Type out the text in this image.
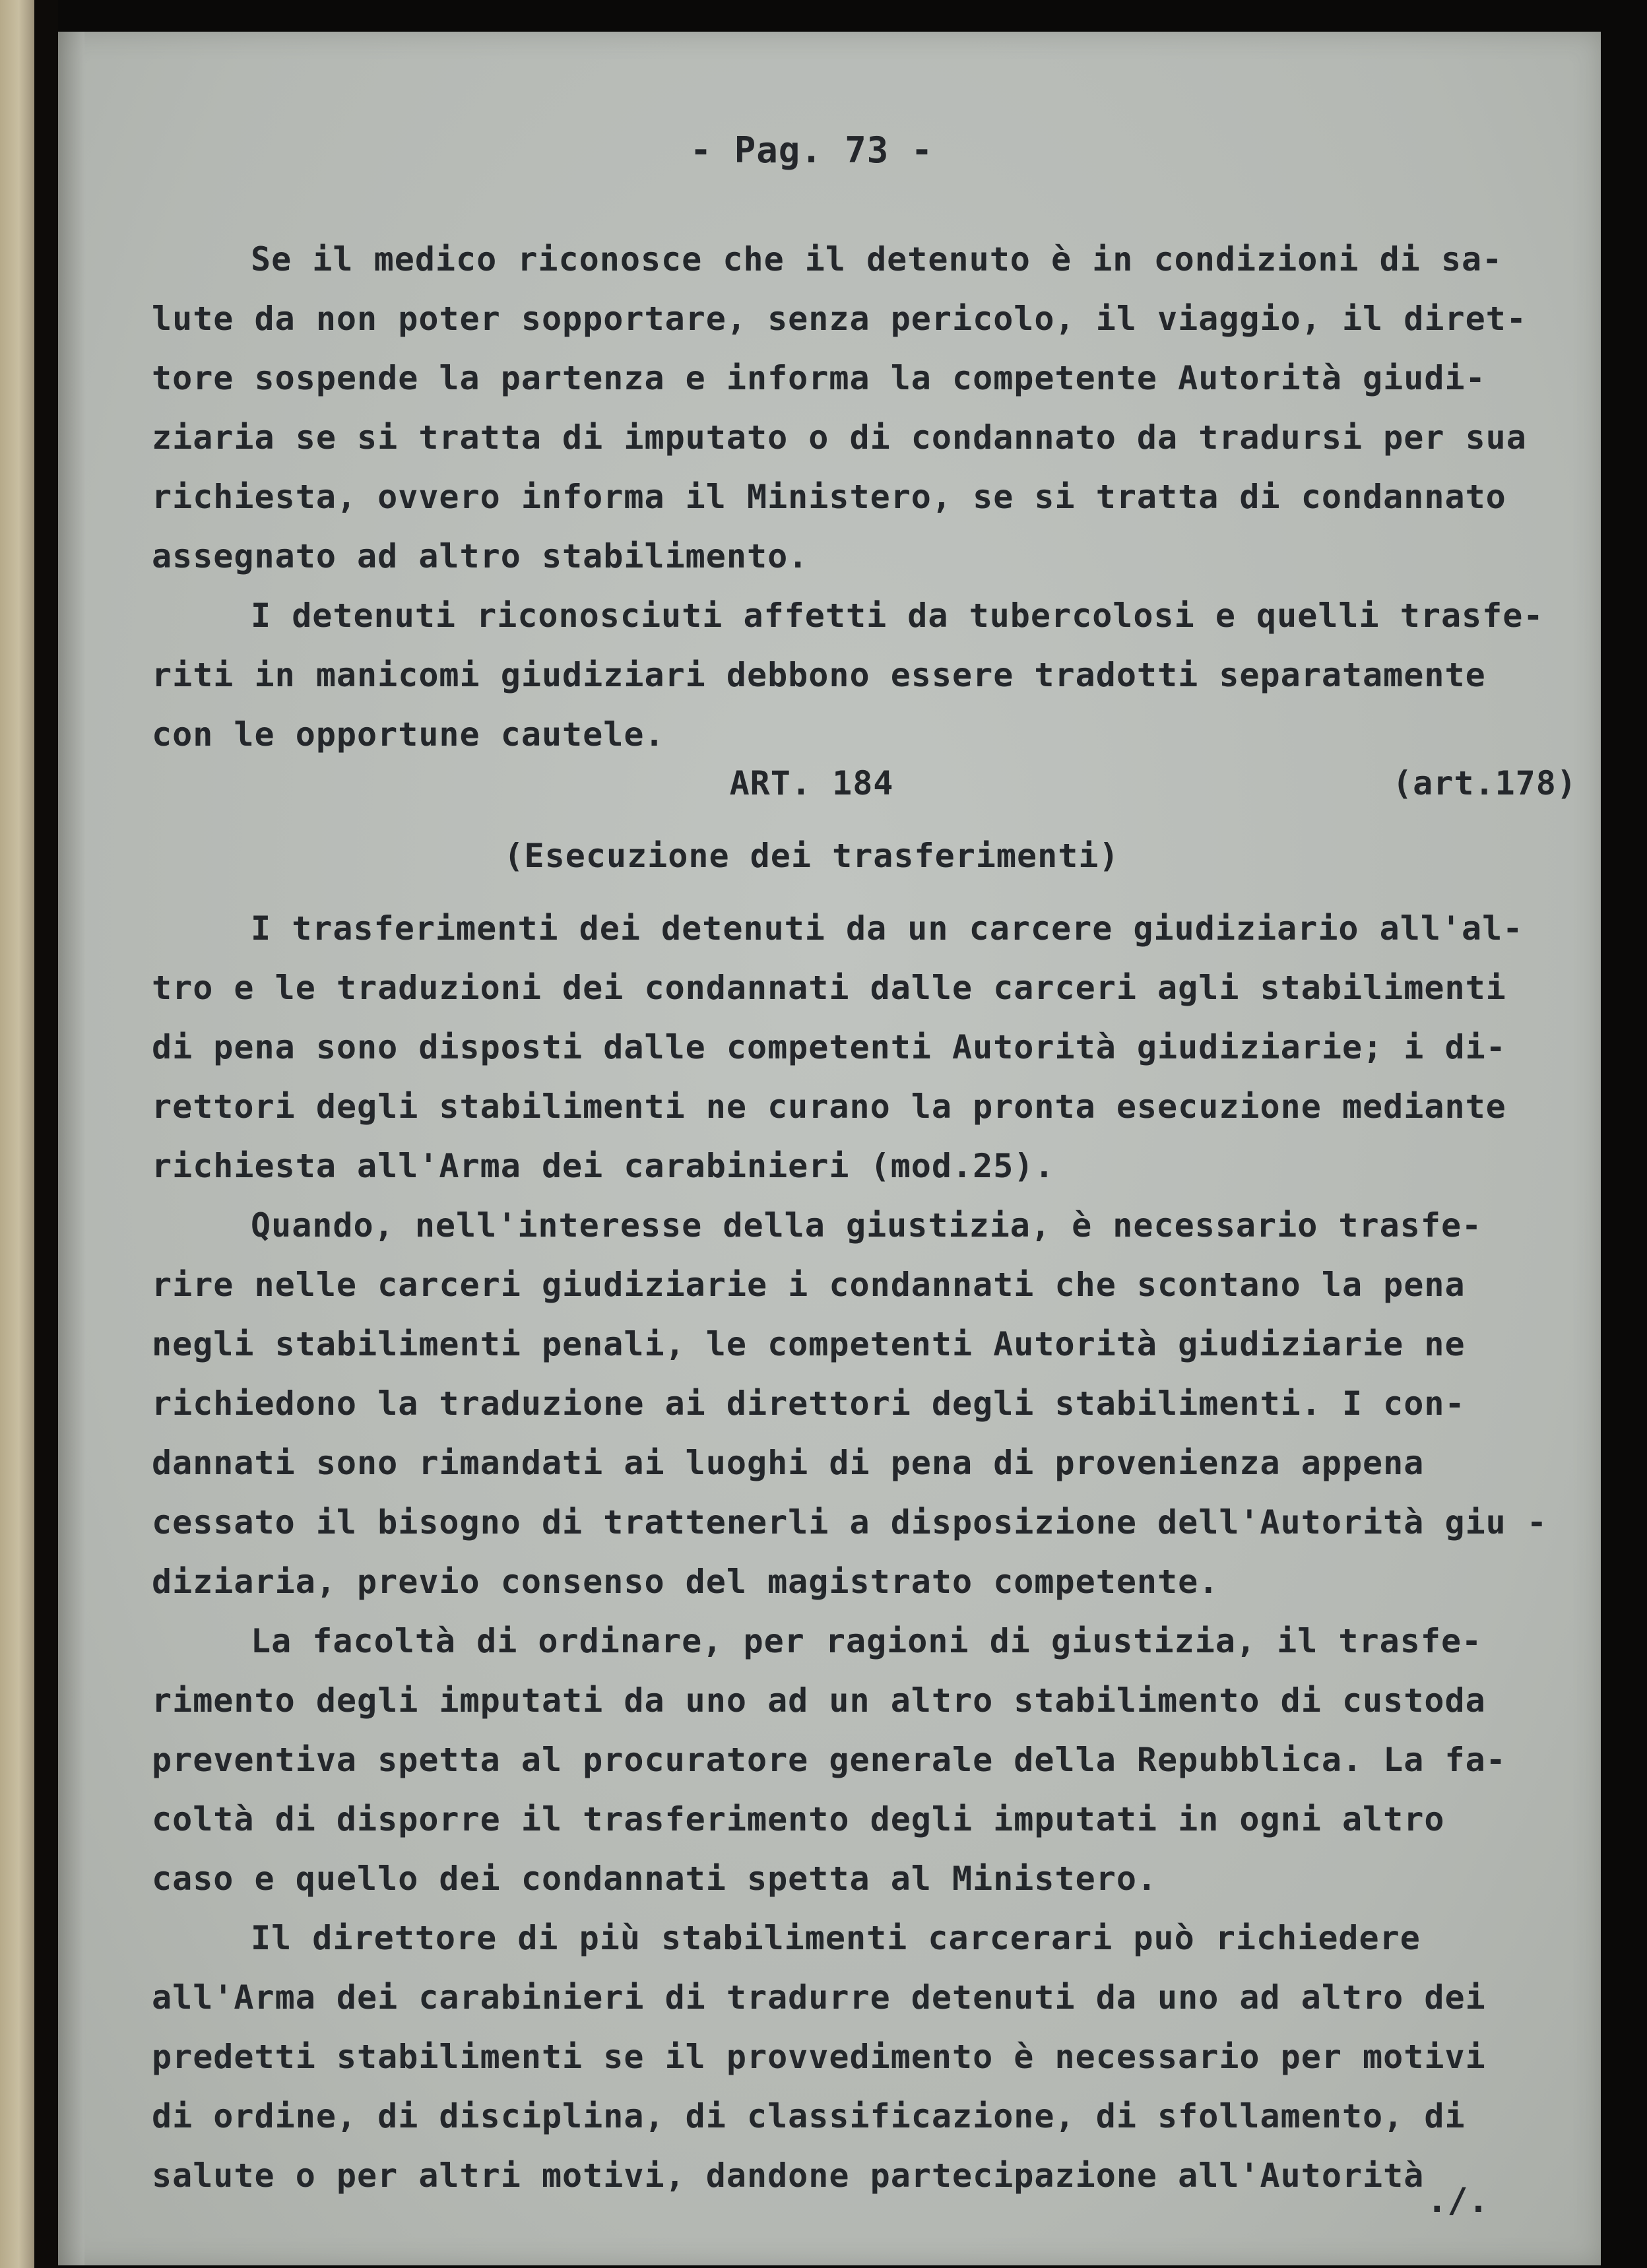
- Pag. 73 -
Se il medico riconosce che il detenuto è in condizioni di sa-
lute da non poter sopportare, senza pericolo, il viaggio, il diret-
tore sospende la partenza e informa la competente Autorità giudi-
ziaria se si tratta di imputato o di condannato da tradursi per sua
richiesta, ovvero informa il Ministero, se si tratta di condannato
assegnato ad altro stabilimento.
I detenuti riconosciuti affetti da tubercolosi e quelli trasfe-
riti in manicomi giudiziari debbono essere tradotti separatamente
con le opportune cautele.
ART. 184	(art.178)
(Esecuzione dei trasferimenti)
I trasferimenti dei detenuti da un carcere giudiziario all'al-
tro e le traduzioni dei condannati dalle carceri agli stabilimenti
di pena sono disposti dalle competenti Autorità giudiziarie; i di-
rettori degli stabilimenti ne curano la pronta esecuzione mediante
richiesta all'Arma dei carabinieri (mod.25).
Quando, nell'interesse della giustizia, è necessario trasfe-
rire nelle carceri giudiziarie i condannati che scontano la pena
negli stabilimenti penali, le competenti Autorità giudiziarie ne
richiedono la traduzione ai direttori degli stabilimenti. I con-
dannati sono rimandati ai luoghi di pena di provenienza appena
cessato il bisogno di trattenerli a disposizione dell'Autorità giu -
diziaria, previo consenso del magistrato competente.
La facoltà di ordinare, per ragioni di giustizia, il trasfe-
rimento degli imputati da uno ad un altro stabilimento di custoda
preventiva spetta al procuratore generale della Repubblica. La fa-
coltà di disporre il trasferimento degli imputati in ogni altro
caso e quello dei condannati spetta al Ministero.
Il direttore di più stabilimenti carcerari può richiedere
all'Arma dei carabinieri di tradurre detenuti da uno ad altro dei
predetti stabilimenti se il provvedimento è necessario per motivi
di ordine, di disciplina, di classificazione, di sfollamento, di
salute o per altri motivi, dandone partecipazione all'Autorità
./.
